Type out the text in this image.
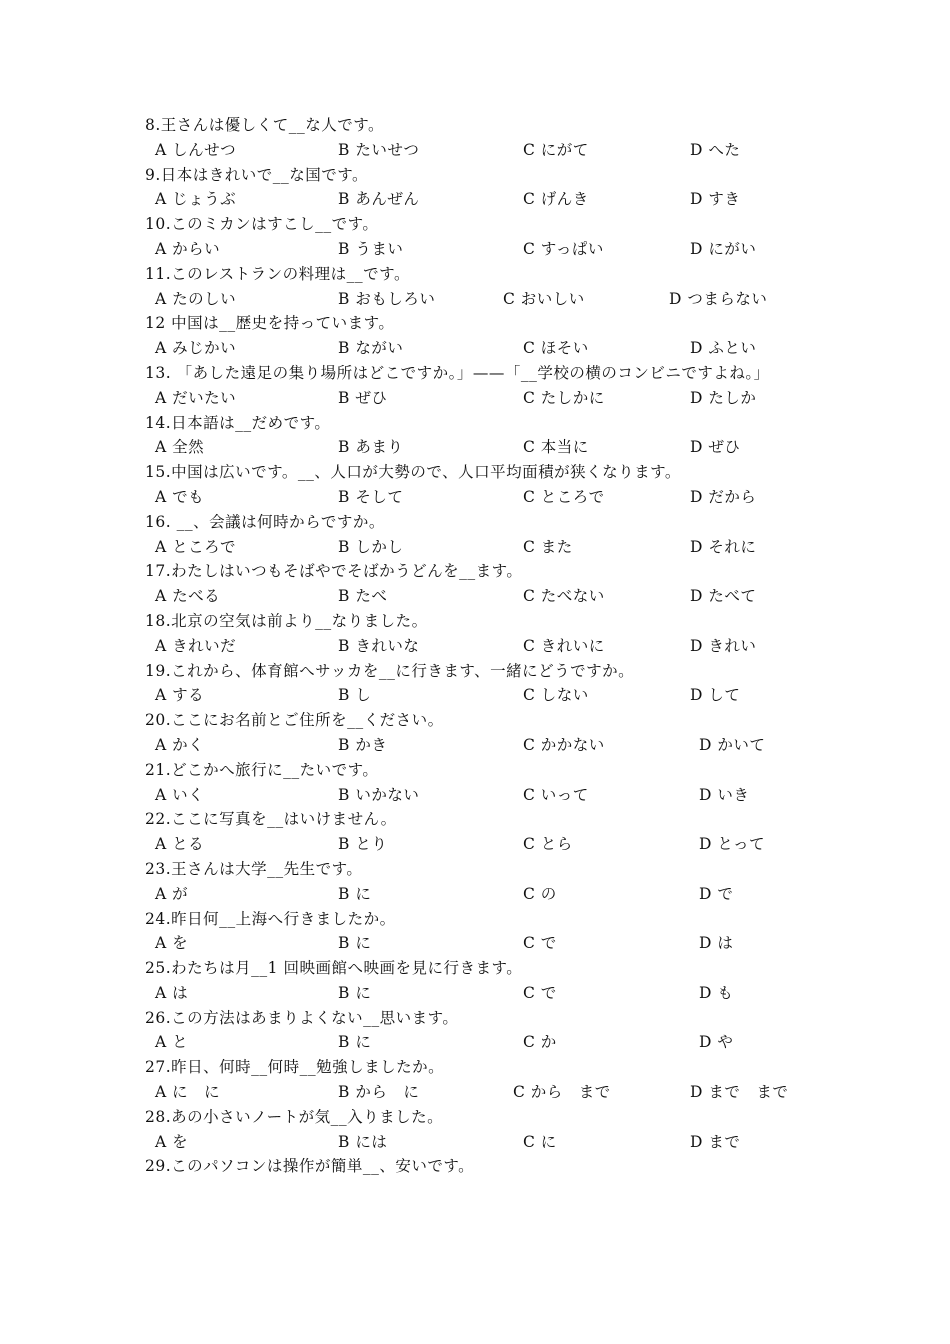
8.王さんは優しくて__な人です。
A しんせつ	B たいせつ	C にがて	D へた
9.日本はきれいで__な国です。
A じょうぶ	B あんぜん	C げんき	D すき
10.このミカンはすこし__です。
A からい	B うまい	C すっぱい	D にがい
11.このレストランの料理は__です。
A たのしい	B おもしろい	C おいしい	D つまらない
12 中国は__歴史を持っています。
A みじかい	B ながい	C ほそい	D ふとい
13. 「あした遠足の集り場所はどこですか。」——「__学校の横のコンビニですよね。」
A だいたい	B ぜひ	C たしかに	D たしか
14.日本語は__だめです。
A 全然	B あまり	C 本当に	D ぜひ
15.中国は広いです。__、人口が大勢ので、人口平均面積が狭くなります。
A でも	B そして	C ところで	D だから
16. __、会議は何時からですか。
A ところで	B しかし	C また	D それに
17.わたしはいつもそばやでそばかうどんを__ます。
A たべる	B たべ	C たべない	D たべて
18.北京の空気は前より__なりました。
A きれいだ	B きれいな	C きれいに	D きれい
19.これから、体育館へサッカを__に行きます、一緒にどうですか。
A する	B し	C しない	D して
20.ここにお名前とご住所を__ください。
A かく	B かき	C かかない	D かいて
21.どこかへ旅行に__たいです。
A いく	B いかない	C いって	D いき
22.ここに写真を__はいけません。
A とる	B とり	C とら	D とって
23.王さんは大学__先生です。
A が	B に	C の	D で
24.昨日何__上海へ行きましたか。
A を	B に	C で	D は
25.わたちは月__1 回映画館へ映画を見に行きます。
A は	B に	C で	D も
26.この方法はあまりよくない__思います。
A と	B に	C か	D や
27.昨日、何時__何時__勉強しましたか。
A に　に	B から　に	C から　まで	D まで　まで
28.あの小さいノートが気__入りました。
A を	B には	C に	D まで
29.このパソコンは操作が簡単__、安いです。
